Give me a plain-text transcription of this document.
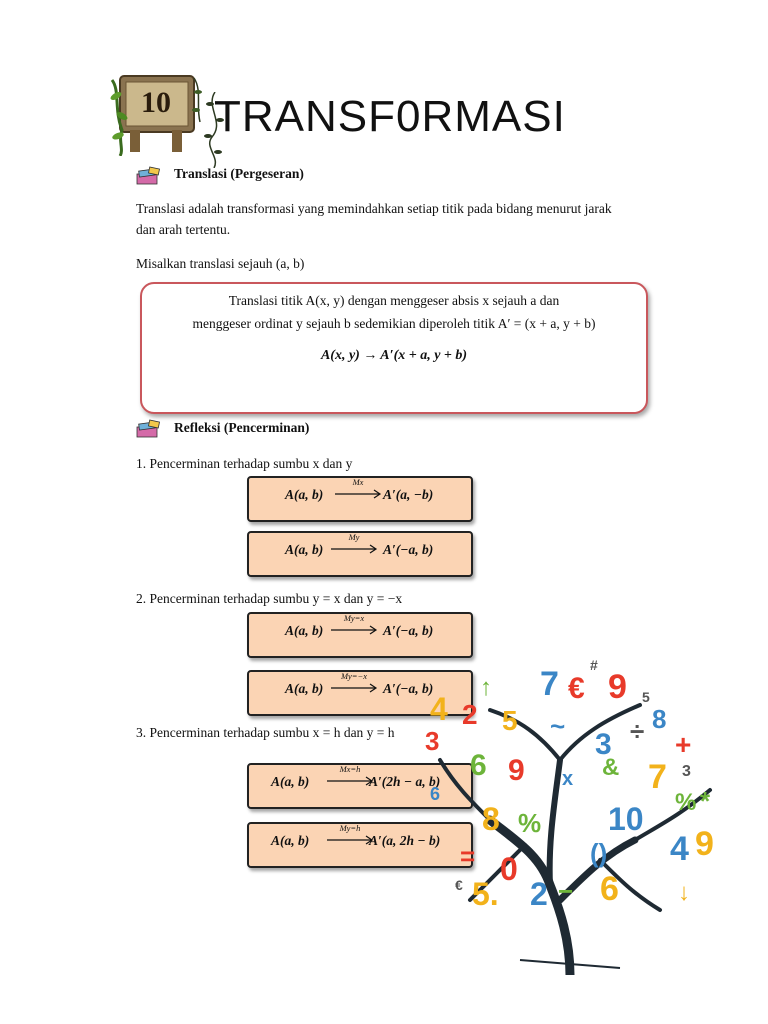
10 TRANSF0RMASI
Translasi (Pergeseran)
Translasi adalah transformasi yang memindahkan setiap titik pada bidang menurut jarak
dan arah tertentu.
Misalkan translasi sejauh (a, b)
Translasi titik A(x, y) dengan menggeser absis x sejauh a dan
menggeser ordinat y sejauh b sedemikian diperoleh titik A′ = (x + a, y + b)
A(x, y) → A′(x + a, y + b)
Refleksi (Pencerminan)
1. Pencerminan terhadap sumbu x dan y
A(a, b)
Mx
A′(a, −b)
A(a, b)
My
A′(−a, b)
2. Pencerminan terhadap sumbu y = x dan y = −x
A(a, b)
My=x
A′(−a, b)
A(a, b)
My=−x
A′(−a, b)
3. Pencerminan terhadap sumbu x = h dan y = h
A(a, b)
Mx=h
A′(2h − a, b)
A(a, b)
My=h
A′(a, 2h − b)
7 € 9 5
4 2 5 ~
3 ÷ 8
+
3
6 9 x & 7 3
% *
8 % 10
6
= 0
2 −
() 4 9
6
€ 5.	↓
↑
#
